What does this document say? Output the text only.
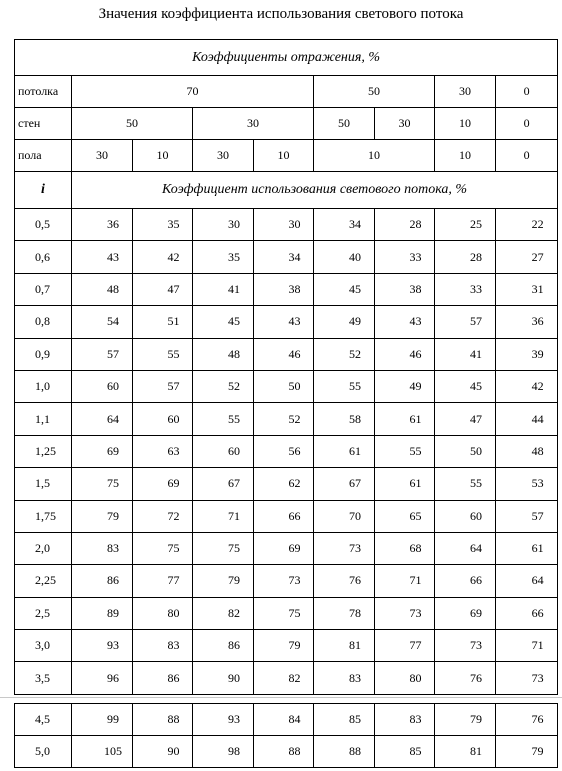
Значения коэффициента использования светового потока
Коэффициенты отражения, %								
потолка	70				50		30	0
стен	50		30		50	30	10	0
пола	30	10	30	10	10		10	0
i	Коэффициент использования светового потока, %							
0,5	36	35	30	30	34	28	25	22
0,6	43	42	35	34	40	33	28	27
0,7	48	47	41	38	45	38	33	31
0,8	54	51	45	43	49	43	57	36
0,9	57	55	48	46	52	46	41	39
1,0	60	57	52	50	55	49	45	42
1,1	64	60	55	52	58	61	47	44
1,25	69	63	60	56	61	55	50	48
1,5	75	69	67	62	67	61	55	53
1,75	79	72	71	66	70	65	60	57
2,0	83	75	75	69	73	68	64	61
2,25	86	77	79	73	76	71	66	64
2,5	89	80	82	75	78	73	69	66
3,0	93	83	86	79	81	77	73	71
3,5	96	86	90	82	83	80	76	73
4,5	99	88	93	84	85	83	79	76
5,0	105	90	98	88	88	85	81	79
